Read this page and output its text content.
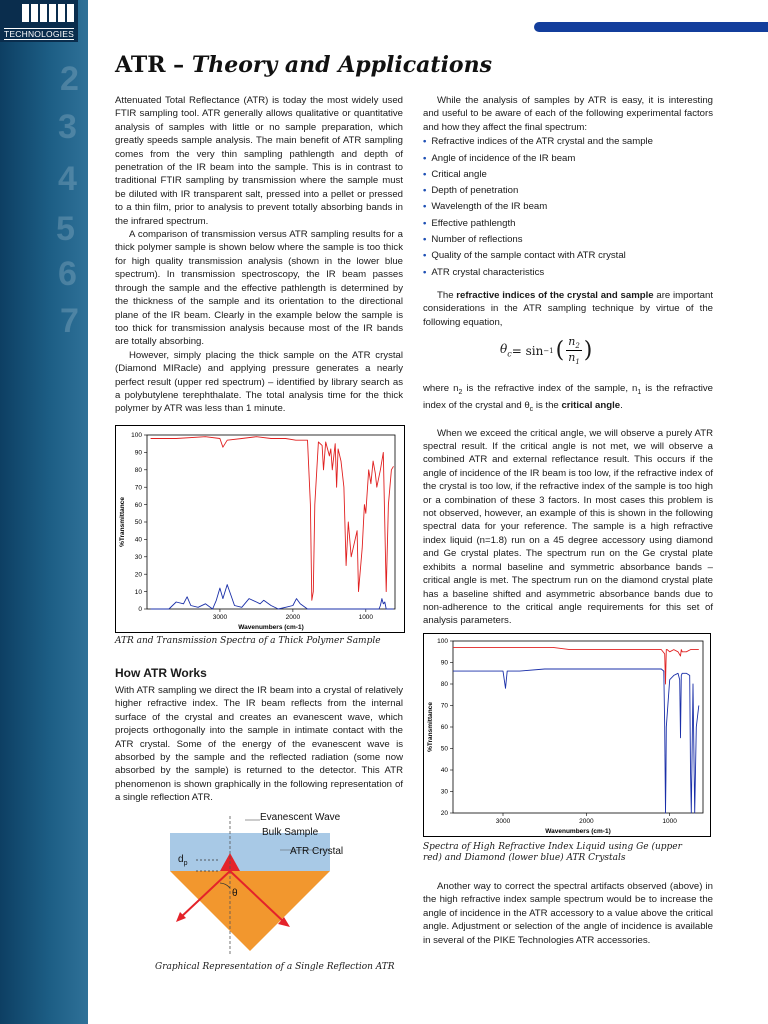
TECHNOLOGIES
2
3
4
5
6
7
ATR – Theory and Applications

Attenuated Total Reflectance (ATR) is today the most widely used FTIR sampling tool. ATR generally allows qualitative or quantitative analysis of samples with little or no sample preparation, which greatly speeds sample analysis. The main benefit of ATR sampling comes from the very thin sampling pathlength and depth of penetration of the IR beam into the sample. This is in contrast to traditional FTIR sampling by transmission where the sample must be diluted with IR transparent salt, pressed into a pellet or pressed to a thin film, prior to analysis to prevent totally absorbing bands in the infrared spectrum.

A comparison of transmission versus ATR sampling results for a thick polymer sample is shown below where the sample is too thick for high quality transmission analysis (shown in the lower blue spectrum). In transmission spectroscopy, the IR beam passes through the sample and the effective pathlength is determined by the thickness of the sample and its orientation to the directional plane of the IR beam. Clearly in the example below the sample is too thick for transmission analysis because most of the IR bands are totally absorbing.

However, simply placing the thick sample on the ATR crystal (Diamond MIRacle) and applying pressure generates a nearly perfect result (upper red spectrum) – identified by library search as a polybutylene terephthalate. The total analysis time for the thick polymer by ATR was less than 1 minute.

0
10
20
30
40
50
60
70
80
90
100
3000	2000	1000
Wavenumbers (cm-1)
%Transmittance
ATR and Transmission Spectra of a Thick Polymer Sample
How ATR Works

With ATR sampling we direct the IR beam into a crystal of relatively higher refractive index. The IR beam reflects from the internal surface of the crystal and creates an evanescent wave, which projects orthogonally into the sample in intimate contact with the ATR crystal. Some of the energy of the evanescent wave is absorbed by the sample and the reflected radiation (some now absorbed by the sample) is returned to the detector. This ATR phenomenon is shown graphically in the following representation of a single reflection ATR.

Evanescent Wave
Bulk Sample
ATR Crystal
$d_p$
θ
Graphical Representation of a Single Reflection ATR

While the analysis of samples by ATR is easy, it is interesting and useful to be aware of each of the following experimental factors and how they affect the final spectrum:

• Refractive indices of the ATR crystal and the sample
• Angle of incidence of the IR beam
• Critical angle
• Depth of penetration
• Wavelength of the IR beam
• Effective pathlength
• Number of reflections
• Quality of the sample contact with ATR crystal
• ATR crystal characteristics

The refractive indices of the crystal and sample are important considerations in the ATR sampling technique by virtue of the following equation,

$\theta_c = \sin -1$ ( $n_2$
$n_1$ )

where $n_2$ is the refractive index of the sample, $n_1$ is the refractive index of the crystal and $\theta_c$ is the critical angle.

When we exceed the critical angle, we will observe a purely ATR spectral result. If the critical angle is not met, we will observe a combined ATR and external reflectance result. This occurs if the angle of incidence of the IR beam is too low, if the refractive index of the crystal is too low, if the refractive index of the sample is too high or a combination of these 3 factors. In most cases this problem is not observed, however, an example of this is shown in the following spectral data for your reference. The sample is a high refractive index liquid (n=1.8) run on a 45 degree accessory using diamond and Ge crystal plates. The spectrum run on the Ge crystal plate exhibits a normal baseline and symmetric absorbance bands – critical angle is met. The spectrum run on the diamond crystal plate has a baseline shifted and asymmetric absorbance bands due to non-adherence to the critical angle requirements for this set of analysis parameters.

20
30
40
50
60
70
80
90
100
3000	2000	1000
Wavenumbers (cm-1)
%Transmittance
Spectra of High Refractive Index Liquid using Ge (upper red) and Diamond (lower blue) ATR Crystals

Another way to correct the spectral artifacts observed (above) in the high refractive index sample spectrum would be to increase the angle of incidence in the ATR accessory to a value above the critical angle. Adjustment or selection of the angle of incidence is available in several of the PIKE Technologies ATR accessories.
